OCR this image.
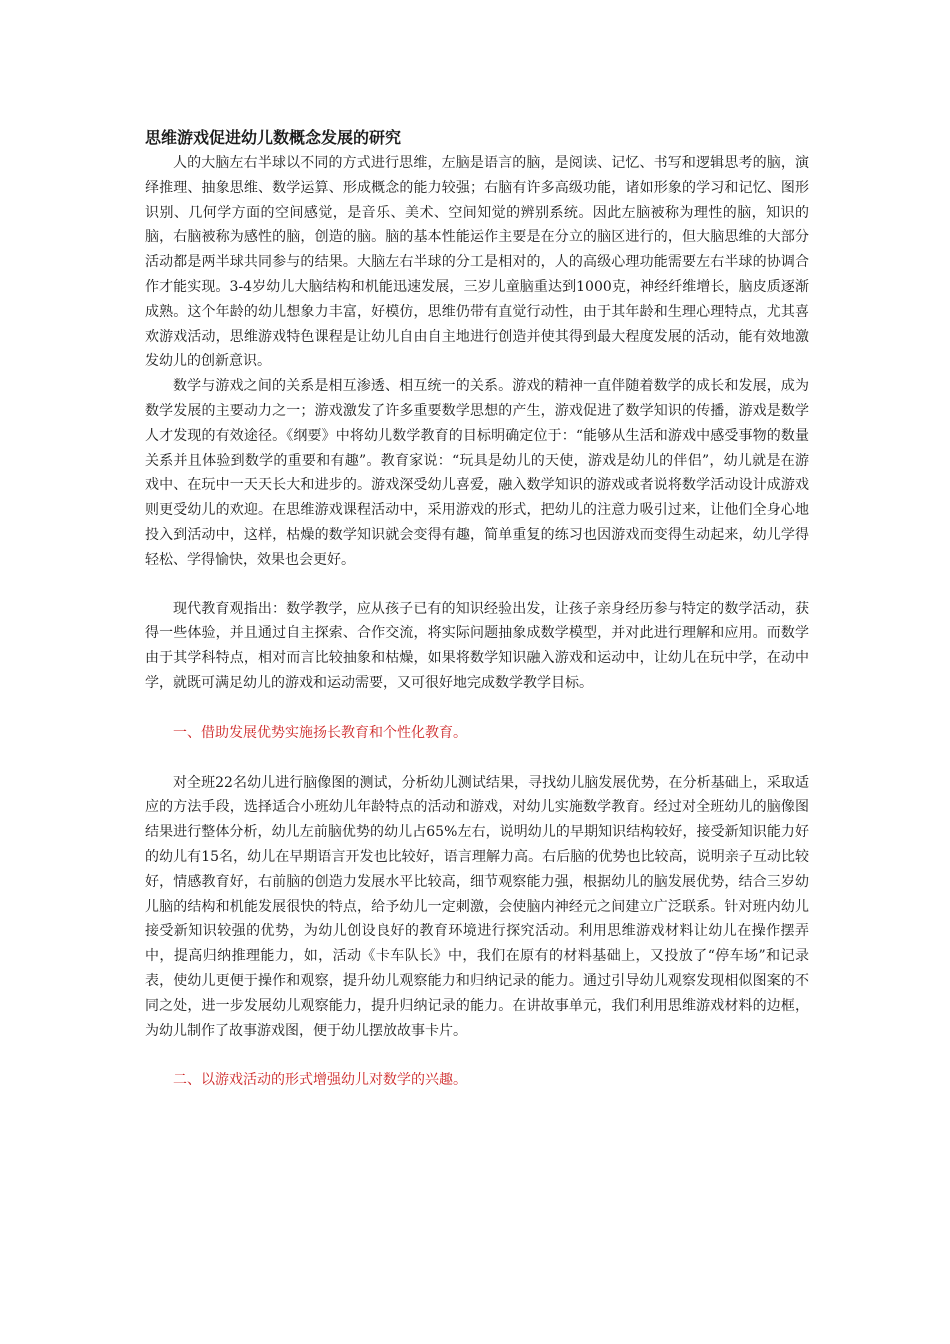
思维游戏促进幼儿数概念发展的研究

人的大脑左右半球以不同的方式进行思维，左脑是语言的脑，是阅读、记忆、书写和逻辑思考的脑，演绎推理、抽象思维、数学运算、形成概念的能力较强；右脑有许多高级功能，诸如形象的学习和记忆、图形识别、几何学方面的空间感觉，是音乐、美术、空间知觉的辨别系统。因此左脑被称为理性的脑，知识的脑，右脑被称为感性的脑，创造的脑。脑的基本性能运作主要是在分立的脑区进行的，但大脑思维的大部分活动都是两半球共同参与的结果。大脑左右半球的分工是相对的，人的高级心理功能需要左右半球的协调合作才能实现。3-4岁幼儿大脑结构和机能迅速发展，三岁儿童脑重达到1000克，神经纤维增长，脑皮质逐渐成熟。这个年龄的幼儿想象力丰富，好模仿，思维仍带有直觉行动性，由于其年龄和生理心理特点，尤其喜欢游戏活动，思维游戏特色课程是让幼儿自由自主地进行创造并使其得到最大程度发展的活动，能有效地激发幼儿的创新意识。

数学与游戏之间的关系是相互渗透、相互统一的关系。游戏的精神一直伴随着数学的成长和发展，成为数学发展的主要动力之一；游戏激发了许多重要数学思想的产生，游戏促进了数学知识的传播，游戏是数学人才发现的有效途径。《纲要》中将幼儿数学教育的目标明确定位于：“能够从生活和游戏中感受事物的数量关系并且体验到数学的重要和有趣”。教育家说：“玩具是幼儿的天使，游戏是幼儿的伴侣”，幼儿就是在游戏中、在玩中一天天长大和进步的。游戏深受幼儿喜爱，融入数学知识的游戏或者说将数学活动设计成游戏则更受幼儿的欢迎。在思维游戏课程活动中，采用游戏的形式，把幼儿的注意力吸引过来，让他们全身心地投入到活动中，这样，枯燥的数学知识就会变得有趣，简单重复的练习也因游戏而变得生动起来，幼儿学得轻松、学得愉快，效果也会更好。

现代教育观指出：数学教学，应从孩子已有的知识经验出发，让孩子亲身经历参与特定的数学活动，获得一些体验，并且通过自主探索、合作交流，将实际问题抽象成数学模型，并对此进行理解和应用。而数学由于其学科特点，相对而言比较抽象和枯燥，如果将数学知识融入游戏和运动中，让幼儿在玩中学，在动中学，就既可满足幼儿的游戏和运动需要，又可很好地完成数学教学目标。

一、借助发展优势实施扬长教育和个性化教育。

对全班22名幼儿进行脑像图的测试，分析幼儿测试结果，寻找幼儿脑发展优势，在分析基础上，采取适应的方法手段，选择适合小班幼儿年龄特点的活动和游戏，对幼儿实施数学教育。经过对全班幼儿的脑像图结果进行整体分析，幼儿左前脑优势的幼儿占65%左右，说明幼儿的早期知识结构较好，接受新知识能力好的幼儿有15名，幼儿在早期语言开发也比较好，语言理解力高。右后脑的优势也比较高，说明亲子互动比较好，情感教育好，右前脑的创造力发展水平比较高，细节观察能力强，根据幼儿的脑发展优势，结合三岁幼儿脑的结构和机能发展很快的特点，给予幼儿一定刺激，会使脑内神经元之间建立广泛联系。针对班内幼儿接受新知识较强的优势，为幼儿创设良好的教育环境进行探究活动。利用思维游戏材料让幼儿在操作摆弄中，提高归纳推理能力，如，活动《卡车队长》中，我们在原有的材料基础上，又投放了“停车场”和记录表，使幼儿更便于操作和观察，提升幼儿观察能力和归纳记录的能力。通过引导幼儿观察发现相似图案的不同之处，进一步发展幼儿观察能力，提升归纳记录的能力。在讲故事单元，我们利用思维游戏材料的边框，为幼儿制作了故事游戏图，便于幼儿摆放故事卡片。

二、以游戏活动的形式增强幼儿对数学的兴趣。
